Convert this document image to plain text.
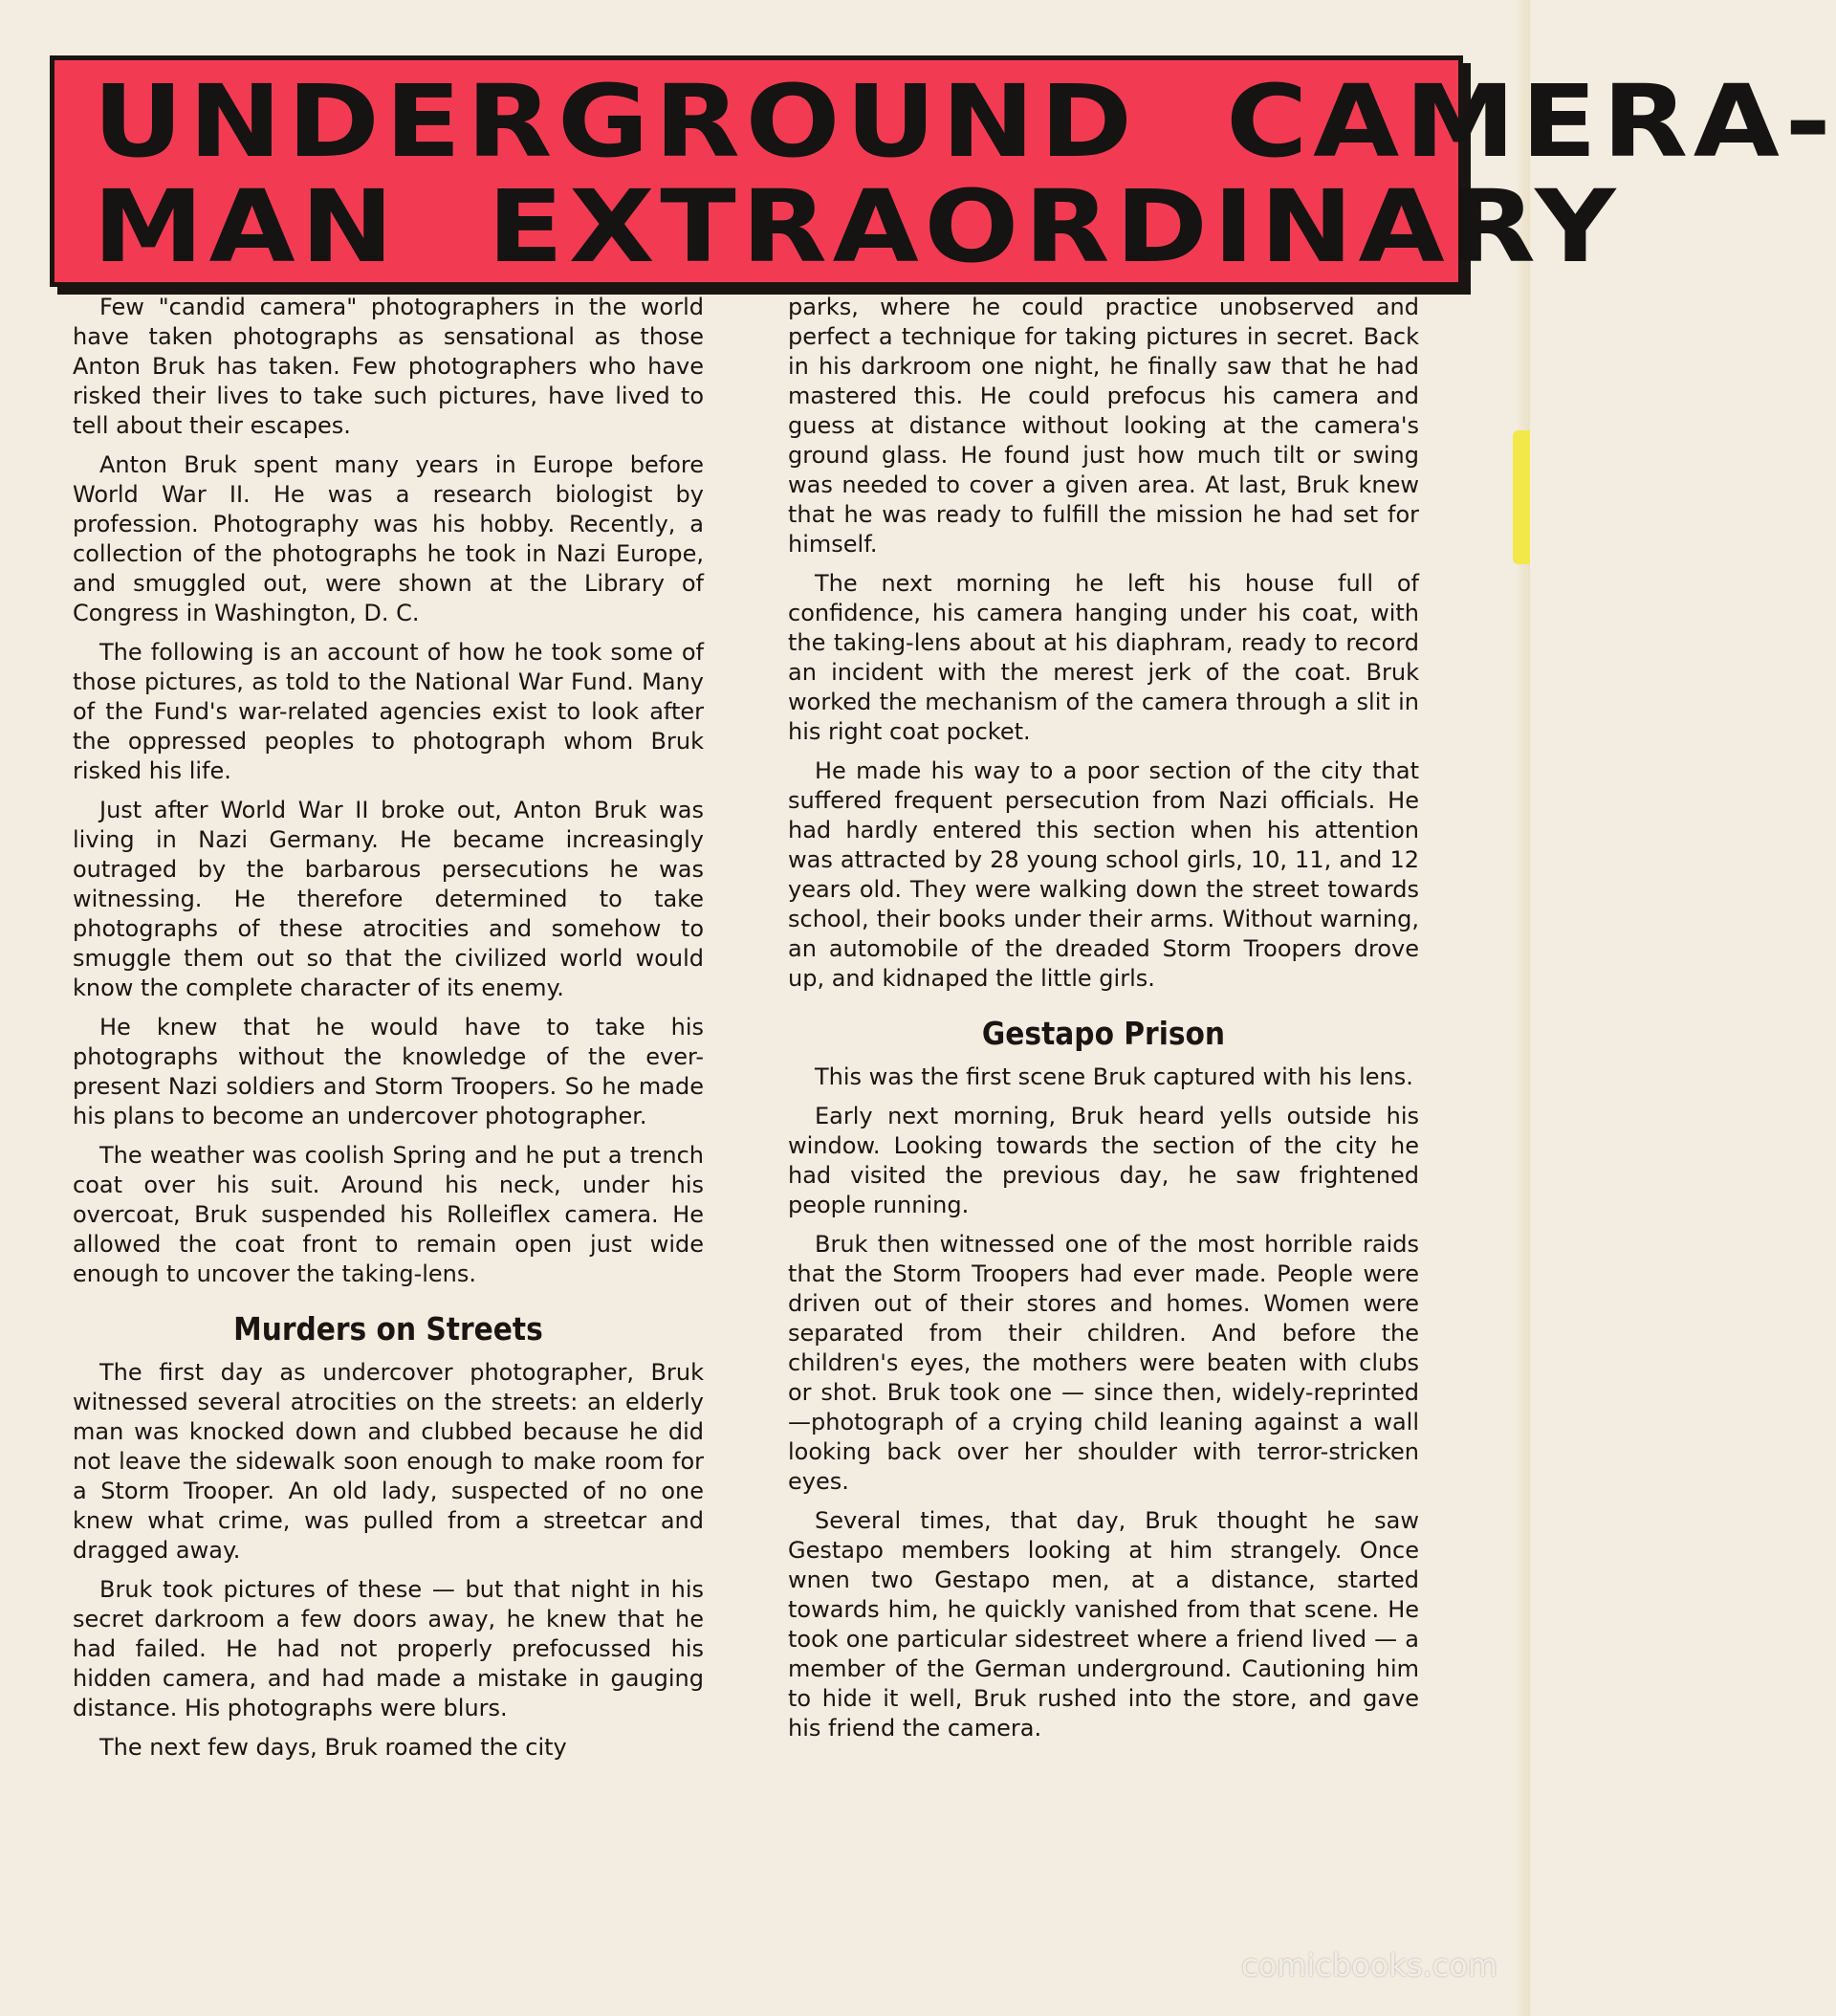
UNDERGROUND  CAMERA-
MAN  EXTRAORDINARY

Few "candid camera" photographers in the world have taken photographs as sensational as those Anton Bruk has taken. Few photographers who have risked their lives to take such pictures, have lived to tell about their escapes.

Anton Bruk spent many years in Europe before World War II. He was a research biologist by profession. Photography was his hobby. Recently, a collection of the photographs he took in Nazi Europe, and smuggled out, were shown at the Library of Congress in Washington, D. C.

The following is an account of how he took some of those pictures, as told to the National War Fund. Many of the Fund's war-related agencies exist to look after the oppressed peoples to photograph whom Bruk risked his life.

Just after World War II broke out, Anton Bruk was living in Nazi Germany. He became increasingly outraged by the barbarous persecutions he was witnessing. He therefore determined to take photographs of these atrocities and somehow to smuggle them out so that the civilized world would know the complete character of its enemy.

He knew that he would have to take his photographs without the knowledge of the ever-present Nazi soldiers and Storm Troopers. So he made his plans to become an undercover photographer.

The weather was coolish Spring and he put a trench coat over his suit. Around his neck, under his overcoat, Bruk suspended his Rolleiflex camera. He allowed the coat front to remain open just wide enough to uncover the taking-lens.

Murders on Streets

The first day as undercover photographer, Bruk witnessed several atrocities on the streets: an elderly man was knocked down and clubbed because he did not leave the sidewalk soon enough to make room for a Storm Trooper. An old lady, suspected of no one knew what crime, was pulled from a streetcar and dragged away.

Bruk took pictures of these — but that night in his secret darkroom a few doors away, he knew that he had failed. He had not properly prefocussed his hidden camera, and had made a mistake in gauging distance. His photographs were blurs.

The next few days, Bruk roamed the city

parks, where he could practice unobserved and perfect a technique for taking pictures in secret. Back in his darkroom one night, he finally saw that he had mastered this. He could prefocus his camera and guess at distance without looking at the camera's ground glass. He found just how much tilt or swing was needed to cover a given area. At last, Bruk knew that he was ready to fulfill the mission he had set for himself.

The next morning he left his house full of confidence, his camera hanging under his coat, with the taking-lens about at his diaphram, ready to record an incident with the merest jerk of the coat. Bruk worked the mechanism of the camera through a slit in his right coat pocket.

He made his way to a poor section of the city that suffered frequent persecution from Nazi officials. He had hardly entered this section when his attention was attracted by 28 young school girls, 10, 11, and 12 years old. They were walking down the street towards school, their books under their arms. Without warning, an automobile of the dreaded Storm Troopers drove up, and kidnaped the little girls.

Gestapo Prison

This was the first scene Bruk captured with his lens.

Early next morning, Bruk heard yells outside his window. Looking towards the section of the city he had visited the previous day, he saw frightened people running.

Bruk then witnessed one of the most horrible raids that the Storm Troopers had ever made. People were driven out of their stores and homes. Women were separated from their children. And before the children's eyes, the mothers were beaten with clubs or shot. Bruk took one — since then, widely-reprinted —photograph of a crying child leaning against a wall looking back over her shoulder with terror-stricken eyes.

Several times, that day, Bruk thought he saw Gestapo members looking at him strangely. Once wnen two Gestapo men, at a distance, started towards him, he quickly vanished from that scene. He took one particular sidestreet where a friend lived — a member of the German underground. Cautioning him to hide it well, Bruk rushed into the store, and gave his friend the camera.

comicbooks.com
